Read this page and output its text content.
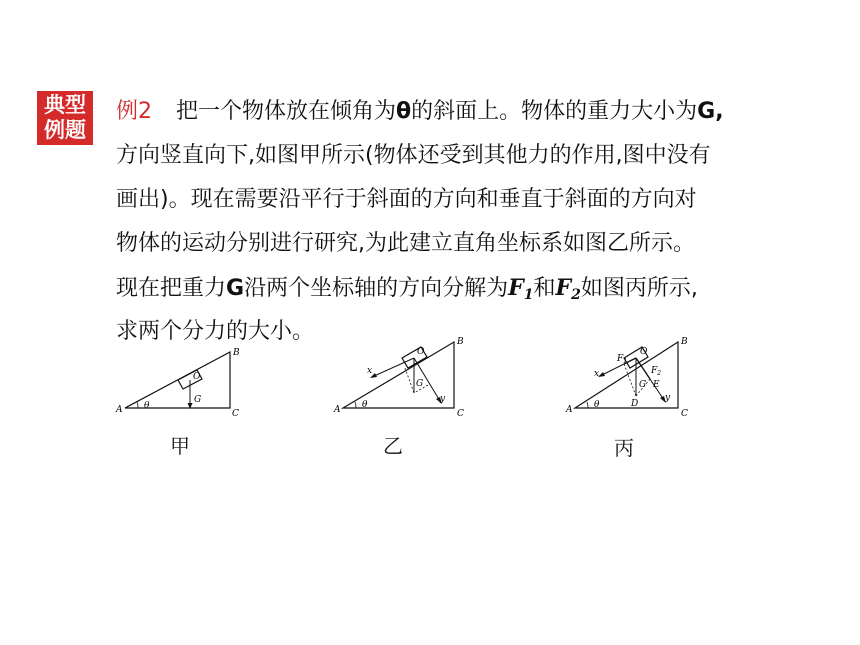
典型
例题
例2 把一个物体放在倾角为θ的斜面上。物体的重力大小为G,
方向竖直向下,如图甲所示(物体还受到其他力的作用,图中没有
画出)。现在需要沿平行于斜面的方向和垂直于斜面的方向对
物体的运动分别进行研究,为此建立直角坐标系如图乙所示。
现在把重力G沿两个坐标轴的方向分解为$F_1$和$F_2$如图丙所示,
求两个分力的大小。
A
B
C
O
G
θ	A
B
C
O
G
x
y
θ	A
B
C
O
G
x
y
D
E
$F_1$
$F_2$
θ
甲	乙	丙
